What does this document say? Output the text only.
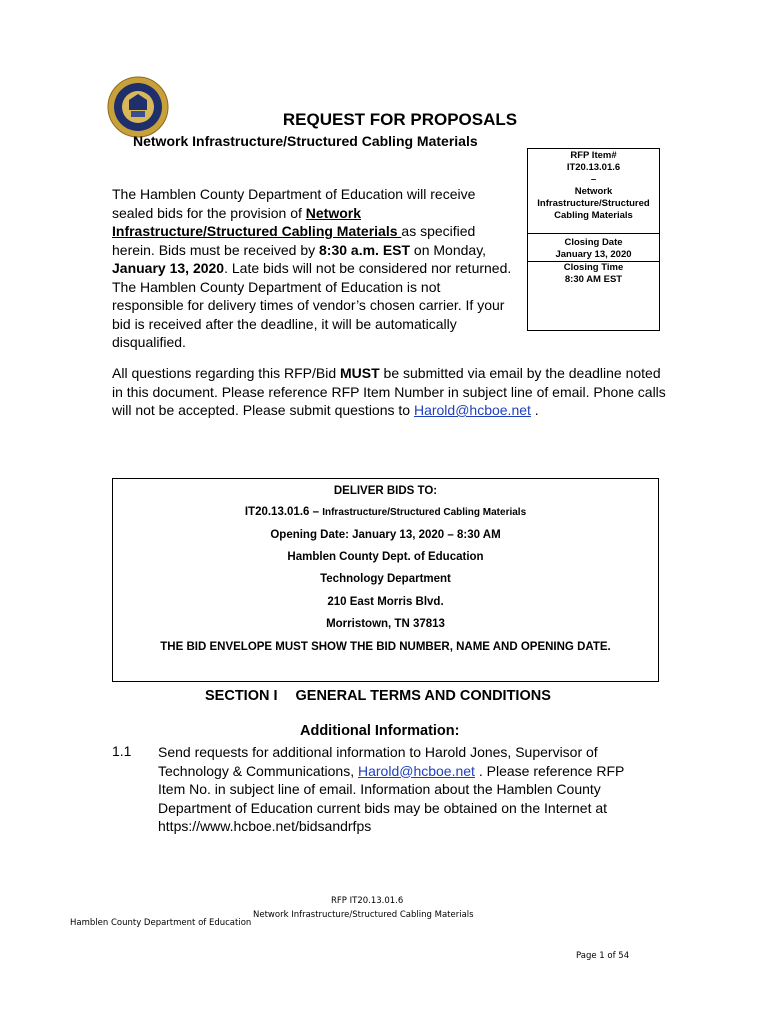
REQUEST FOR PROPOSALS
Network Infrastructure/Structured Cabling Materials
RFP Item#
IT20.13.01.6
–
Network
Infrastructure/Structured
Cabling Materials
Closing Date
January 13, 2020
Closing Time
8:30 AM EST
The Hamblen County Department of Education will receive sealed bids for the provision of Network Infrastructure/Structured Cabling Materials as specified herein. Bids must be received by 8:30 a.m. EST on Monday, January 13, 2020. Late bids will not be considered nor returned. The Hamblen County Department of Education is not responsible for delivery times of vendor’s chosen carrier. If your bid is received after the deadline, it will be automatically disqualified.
All questions regarding this RFP/Bid MUST be submitted via email by the deadline noted in this document. Please reference RFP Item Number in subject line of email. Phone calls will not be accepted. Please submit questions to Harold@hcboe.net .
DELIVER BIDS TO:
IT20.13.01.6 – Infrastructure/Structured Cabling Materials
Opening Date: January 13, 2020 – 8:30 AM
Hamblen County Dept. of Education
Technology Department
210 East Morris Blvd.
Morristown, TN 37813
THE BID ENVELOPE MUST SHOW THE BID NUMBER, NAME AND OPENING DATE.
SECTION I GENERAL TERMS AND CONDITIONS
Additional Information:
1.1 Send requests for additional information to Harold Jones, Supervisor of Technology & Communications, Harold@hcboe.net . Please reference RFP Item No. in subject line of email. Information about the Hamblen County Department of Education current bids may be obtained on the Internet at https://www.hcboe.net/bidsandrfps
RFP IT20.13.01.6
Network Infrastructure/Structured Cabling Materials
Hamblen County Department of Education
Page 1 of 54
